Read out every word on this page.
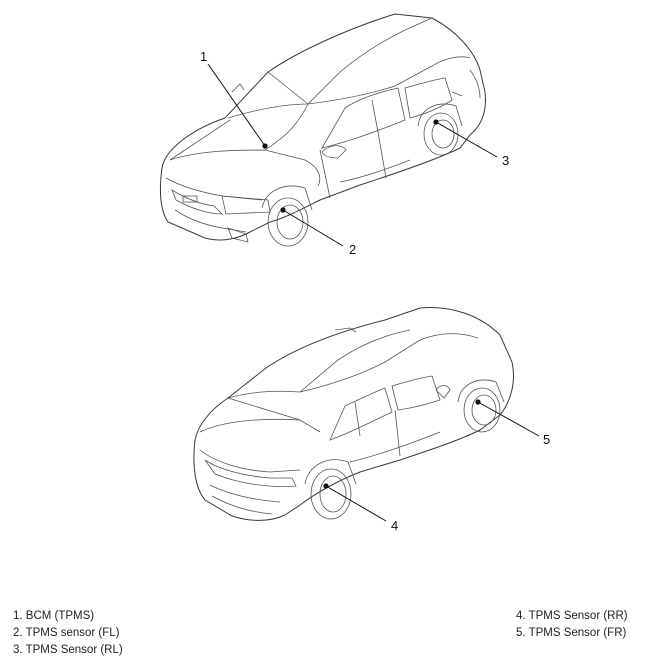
1
2
3
4
5
1. BCM (TPMS)
2. TPMS sensor (FL)
3. TPMS Sensor (RL)
4. TPMS Sensor (RR)
5. TPMS Sensor (FR)
